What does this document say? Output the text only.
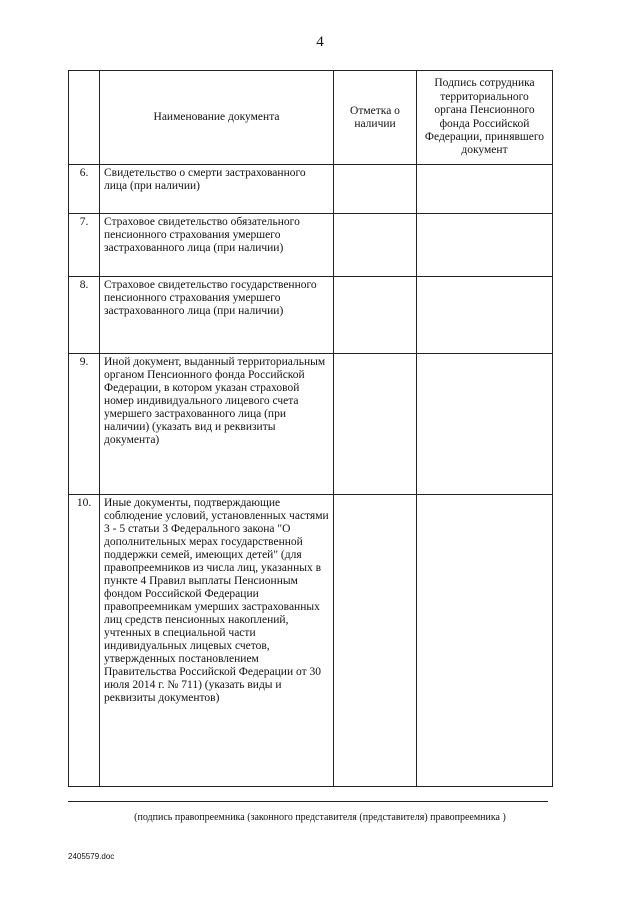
4
	Наименование документа	Отметка о наличии	Подпись сотрудника территориального органа Пенсионного фонда Российской Федерации, принявшего документ
6.	Свидетельство о смерти застрахованного лица (при наличии)		
7.	Страховое свидетельство обязательного пенсионного страхования умершего застрахованного лица (при наличии)		
8.	Страховое свидетельство государственного пенсионного страхования умершего застрахованного лица (при наличии)		
9.	Иной документ, выданный территориальным органом Пенсионного фонда Российской Федерации, в котором указан страховой номер индивидуального лицевого счета умершего застрахованного лица (при наличии) (указать вид и реквизиты документа)		
10.	Иные документы, подтверждающие соблюдение условий, установленных частями 3 - 5 статьи 3 Федерального закона "О дополнительных мерах государственной поддержки семей, имеющих детей" (для правопреемников из числа лиц, указанных в пункте 4 Правил выплаты Пенсионным фондом Российской Федерации правопреемникам умерших застрахованных лиц средств пенсионных накоплений, учтенных в специальной части индивидуальных лицевых счетов, утвержденных постановлением Правительства Российской Федерации от 30 июля 2014 г. № 711) (указать виды и реквизиты документов)		
(подпись правопреемника (законного представителя (представителя) правопреемника )
2405579.doc
